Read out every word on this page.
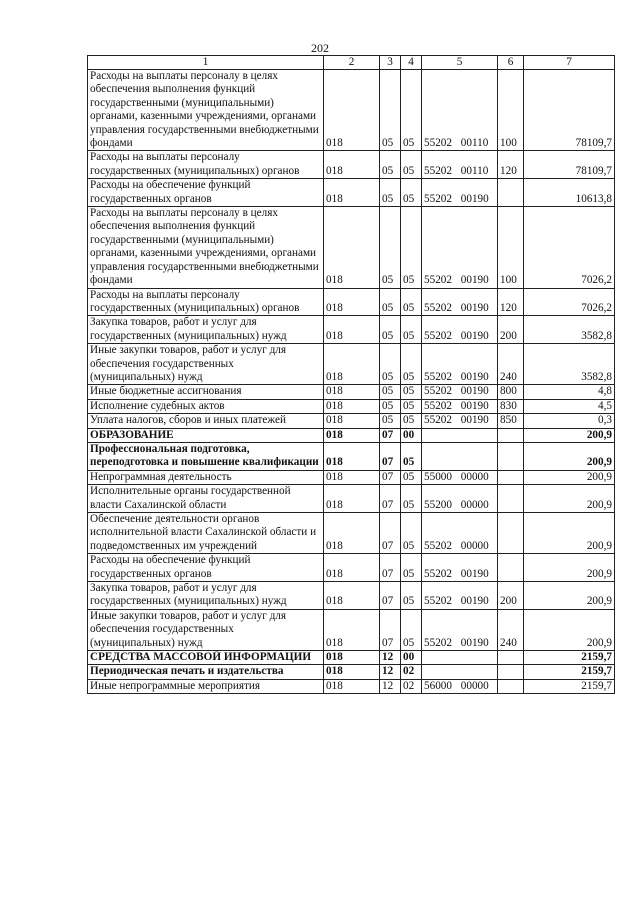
202
1	2	3	4	5	6	7
Расходы на выплаты персоналу в целях обеспечения выполнения функций государственными (муниципальными) органами, казенными учреждениями, органами управления государственными внебюджетными фондами	018	05	05	55202 00110	100	78109,7
Расходы на выплаты персоналу государственных (муниципальных) органов	018	05	05	55202 00110	120	78109,7
Расходы на обеспечение функций государственных органов	018	05	05	55202 00190		10613,8
Расходы на выплаты персоналу в целях обеспечения выполнения функций государственными (муниципальными) органами, казенными учреждениями, органами управления государственными внебюджетными фондами	018	05	05	55202 00190	100	7026,2
Расходы на выплаты персоналу государственных (муниципальных) органов	018	05	05	55202 00190	120	7026,2
Закупка товаров, работ и услуг для государственных (муниципальных) нужд	018	05	05	55202 00190	200	3582,8
Иные закупки товаров, работ и услуг для обеспечения государственных (муниципальных) нужд	018	05	05	55202 00190	240	3582,8
Иные бюджетные ассигнования	018	05	05	55202 00190	800	4,8
Исполнение судебных актов	018	05	05	55202 00190	830	4,5
Уплата налогов, сборов и иных платежей	018	05	05	55202 00190	850	0,3
ОБРАЗОВАНИЕ	018	07	00			200,9
Профессиональная подготовка, переподготовка и повышение квалификации	018	07	05			200,9
Непрограммная деятельность	018	07	05	55000 00000		200,9
Исполнительные органы государственной власти Сахалинской области	018	07	05	55200 00000		200,9
Обеспечение деятельности органов исполнительной власти Сахалинской области и подведомственных им учреждений	018	07	05	55202 00000		200,9
Расходы на обеспечение функций государственных органов	018	07	05	55202 00190		200,9
Закупка товаров, работ и услуг для государственных (муниципальных) нужд	018	07	05	55202 00190	200	200,9
Иные закупки товаров, работ и услуг для обеспечения государственных (муниципальных) нужд	018	07	05	55202 00190	240	200,9
СРЕДСТВА МАССОВОЙ ИНФОРМАЦИИ	018	12	00			2159,7
Периодическая печать и издательства	018	12	02			2159,7
Иные непрограммные мероприятия	018	12	02	56000 00000		2159,7
